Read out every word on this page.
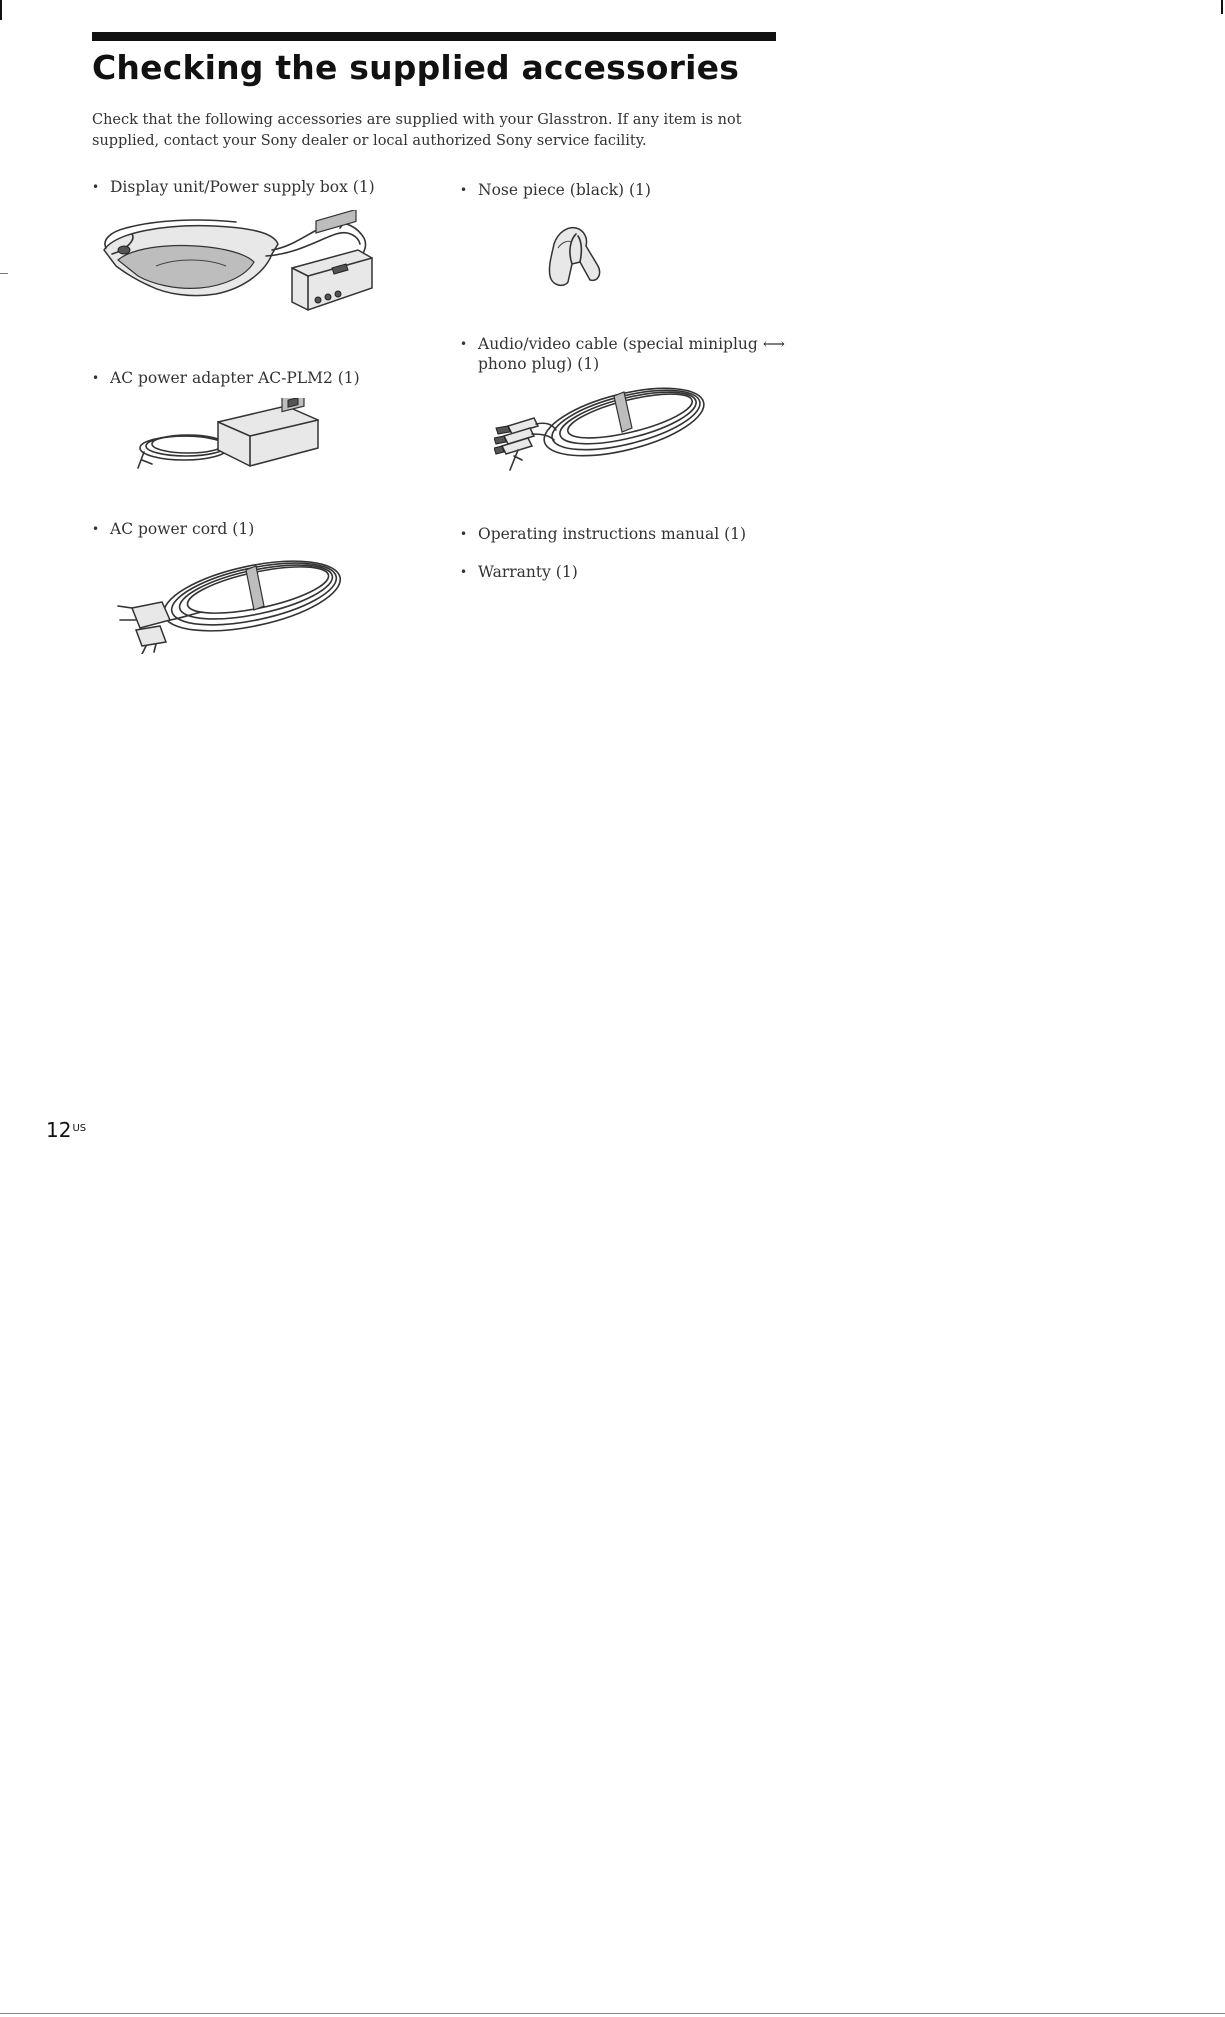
Checking the supplied accessories

Check that the following accessories are supplied with your Glasstron. If any item is not supplied, contact your Sony dealer or local authorized Sony service facility.

• Display unit/Power supply box (1)
• AC power adapter AC-PLM2 (1)
• AC power cord (1)
• Nose piece (black) (1)
• Audio/video cable (special miniplug ⟷
phono plug) (1)
• Operating instructions manual (1)
• Warranty (1)
$12^{US}$
